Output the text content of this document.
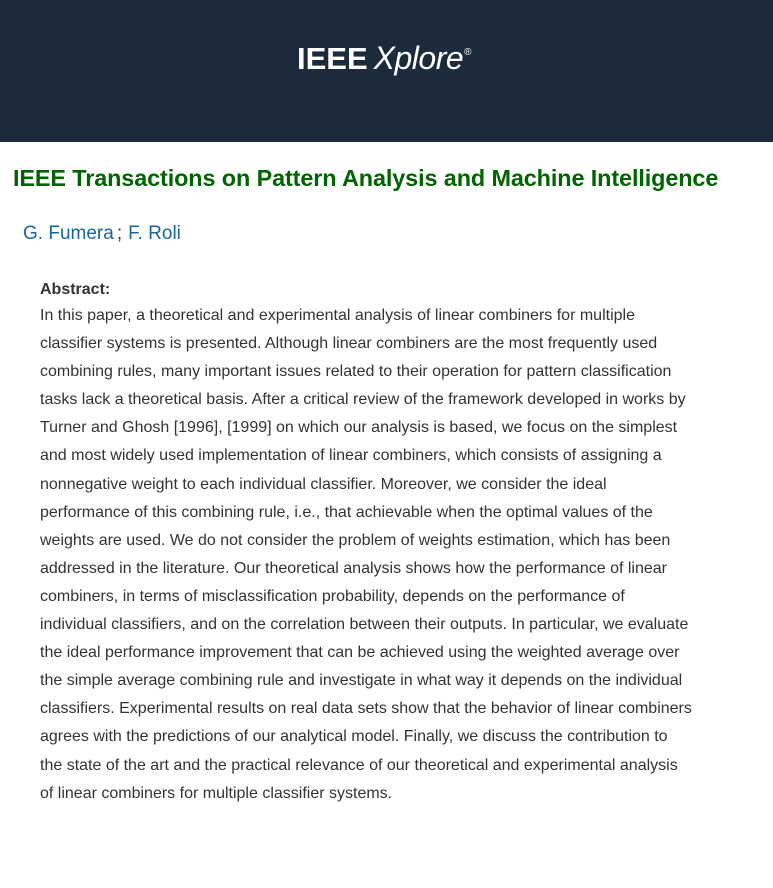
IEEE Xplore ®
IEEE Transactions on Pattern Analysis and Machine Intelligence
G. Fumera ; F. Roli
Abstract:
In this paper, a theoretical and experimental analysis of linear combiners for multiple
classifier systems is presented. Although linear combiners are the most frequently used
combining rules, many important issues related to their operation for pattern classification
tasks lack a theoretical basis. After a critical review of the framework developed in works by
Turner and Ghosh [1996], [1999] on which our analysis is based, we focus on the simplest
and most widely used implementation of linear combiners, which consists of assigning a
nonnegative weight to each individual classifier. Moreover, we consider the ideal
performance of this combining rule, i.e., that achievable when the optimal values of the
weights are used. We do not consider the problem of weights estimation, which has been
addressed in the literature. Our theoretical analysis shows how the performance of linear
combiners, in terms of misclassification probability, depends on the performance of
individual classifiers, and on the correlation between their outputs. In particular, we evaluate
the ideal performance improvement that can be achieved using the weighted average over
the simple average combining rule and investigate in what way it depends on the individual
classifiers. Experimental results on real data sets show that the behavior of linear combiners
agrees with the predictions of our analytical model. Finally, we discuss the contribution to
the state of the art and the practical relevance of our theoretical and experimental analysis
of linear combiners for multiple classifier systems.
